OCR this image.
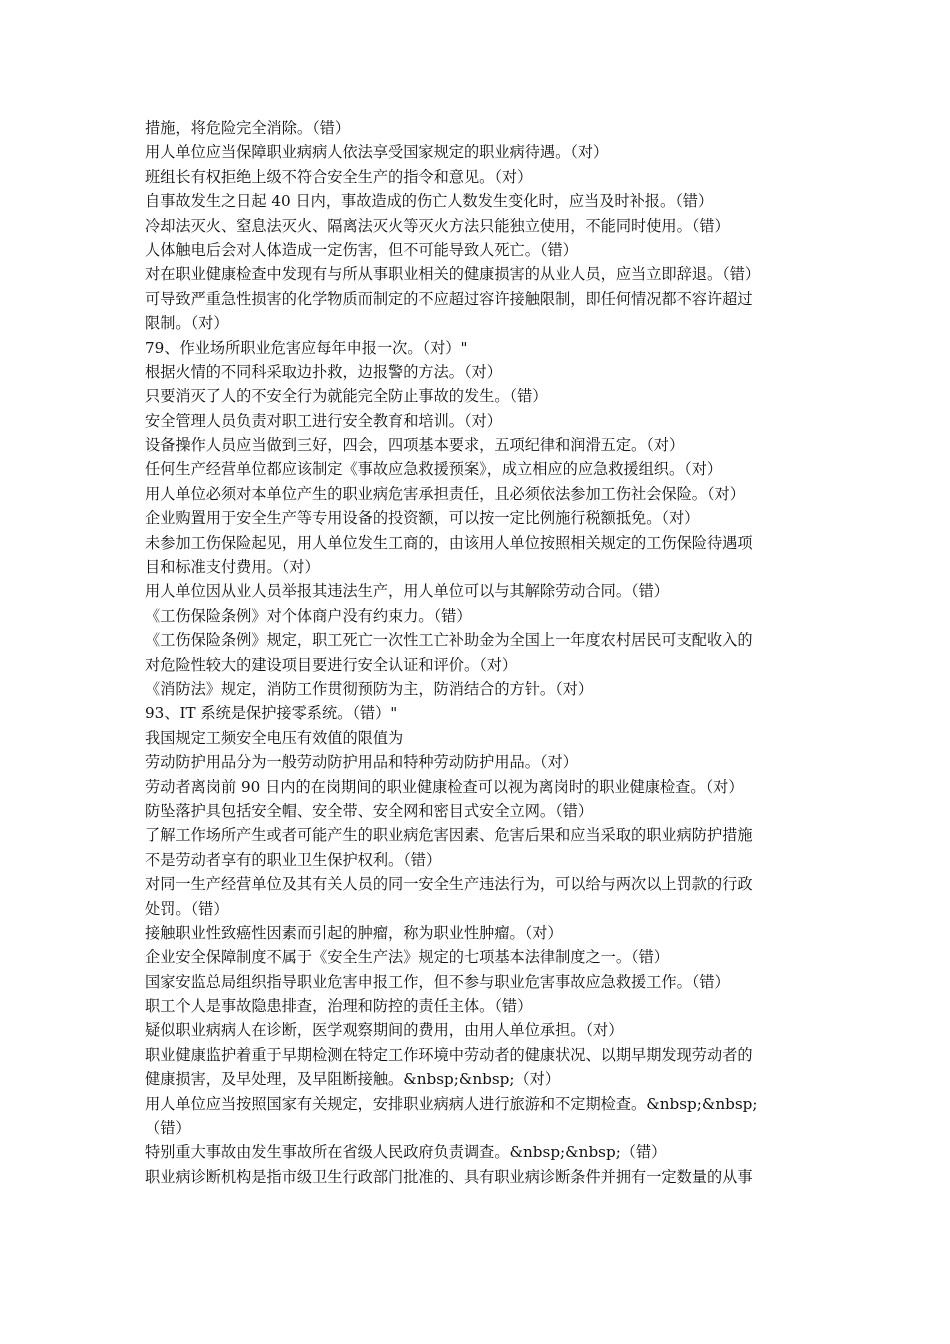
措施，将危险完全消除。（错）
用人单位应当保障职业病病人依法享受国家规定的职业病待遇。（对）
班组长有权拒绝上级不符合安全生产的指令和意见。（对）
自事故发生之日起 40 日内，事故造成的伤亡人数发生变化时，应当及时补报。（错）
冷却法灭火、窒息法灭火、隔离法灭火等灭火方法只能独立使用，不能同时使用。（错）
人体触电后会对人体造成一定伤害，但不可能导致人死亡。（错）
对在职业健康检查中发现有与所从事职业相关的健康损害的从业人员，应当立即辞退。（错）
可导致严重急性损害的化学物质而制定的不应超过容许接触限制，即任何情况都不容许超过
限制。（对）
79、作业场所职业危害应每年申报一次。（对）"
根据火情的不同科采取边扑救，边报警的方法。（对）
只要消灭了人的不安全行为就能完全防止事故的发生。（错）
安全管理人员负责对职工进行安全教育和培训。（对）
设备操作人员应当做到三好，四会，四项基本要求，五项纪律和润滑五定。（对）
任何生产经营单位都应该制定《事故应急救援预案》，成立相应的应急救援组织。（对）
用人单位必须对本单位产生的职业病危害承担责任，且必须依法参加工伤社会保险。（对）
企业购置用于安全生产等专用设备的投资额，可以按一定比例施行税额抵免。（对）
未参加工伤保险起见，用人单位发生工商的，由该用人单位按照相关规定的工伤保险待遇项
目和标准支付费用。（对）
用人单位因从业人员举报其违法生产，用人单位可以与其解除劳动合同。（错）
《工伤保险条例》对个体商户没有约束力。（错）
《工伤保险条例》规定，职工死亡一次性工亡补助金为全国上一年度农村居民可支配收入的
对危险性较大的建设项目要进行安全认证和评价。（对）
《消防法》规定，消防工作贯彻预防为主，防消结合的方针。（对）
93、IT 系统是保护接零系统。（错）"
我国规定工频安全电压有效值的限值为
劳动防护用品分为一般劳动防护用品和特种劳动防护用品。（对）
劳动者离岗前 90 日内的在岗期间的职业健康检查可以视为离岗时的职业健康检查。（对）
防坠落护具包括安全帽、安全带、安全网和密目式安全立网。（错）
了解工作场所产生或者可能产生的职业病危害因素、危害后果和应当采取的职业病防护措施
不是劳动者享有的职业卫生保护权利。（错）
对同一生产经营单位及其有关人员的同一安全生产违法行为，可以给与两次以上罚款的行政
处罚。（错）
接触职业性致癌性因素而引起的肿瘤，称为职业性肿瘤。（对）
企业安全保障制度不属于《安全生产法》规定的七项基本法律制度之一。（错）
国家安监总局组织指导职业危害申报工作，但不参与职业危害事故应急救援工作。（错）
职工个人是事故隐患排查，治理和防控的责任主体。（错）
疑似职业病病人在诊断，医学观察期间的费用，由用人单位承担。（对）
职业健康监护着重于早期检测在特定工作环境中劳动者的健康状况、以期早期发现劳动者的
健康损害，及早处理，及早阻断接触。&nbsp;&nbsp;（对）
用人单位应当按照国家有关规定，安排职业病病人进行旅游和不定期检查。&nbsp;&nbsp;
（错）
特别重大事故由发生事故所在省级人民政府负责调查。&nbsp;&nbsp;（错）
职业病诊断机构是指市级卫生行政部门批准的、具有职业病诊断条件并拥有一定数量的从事
